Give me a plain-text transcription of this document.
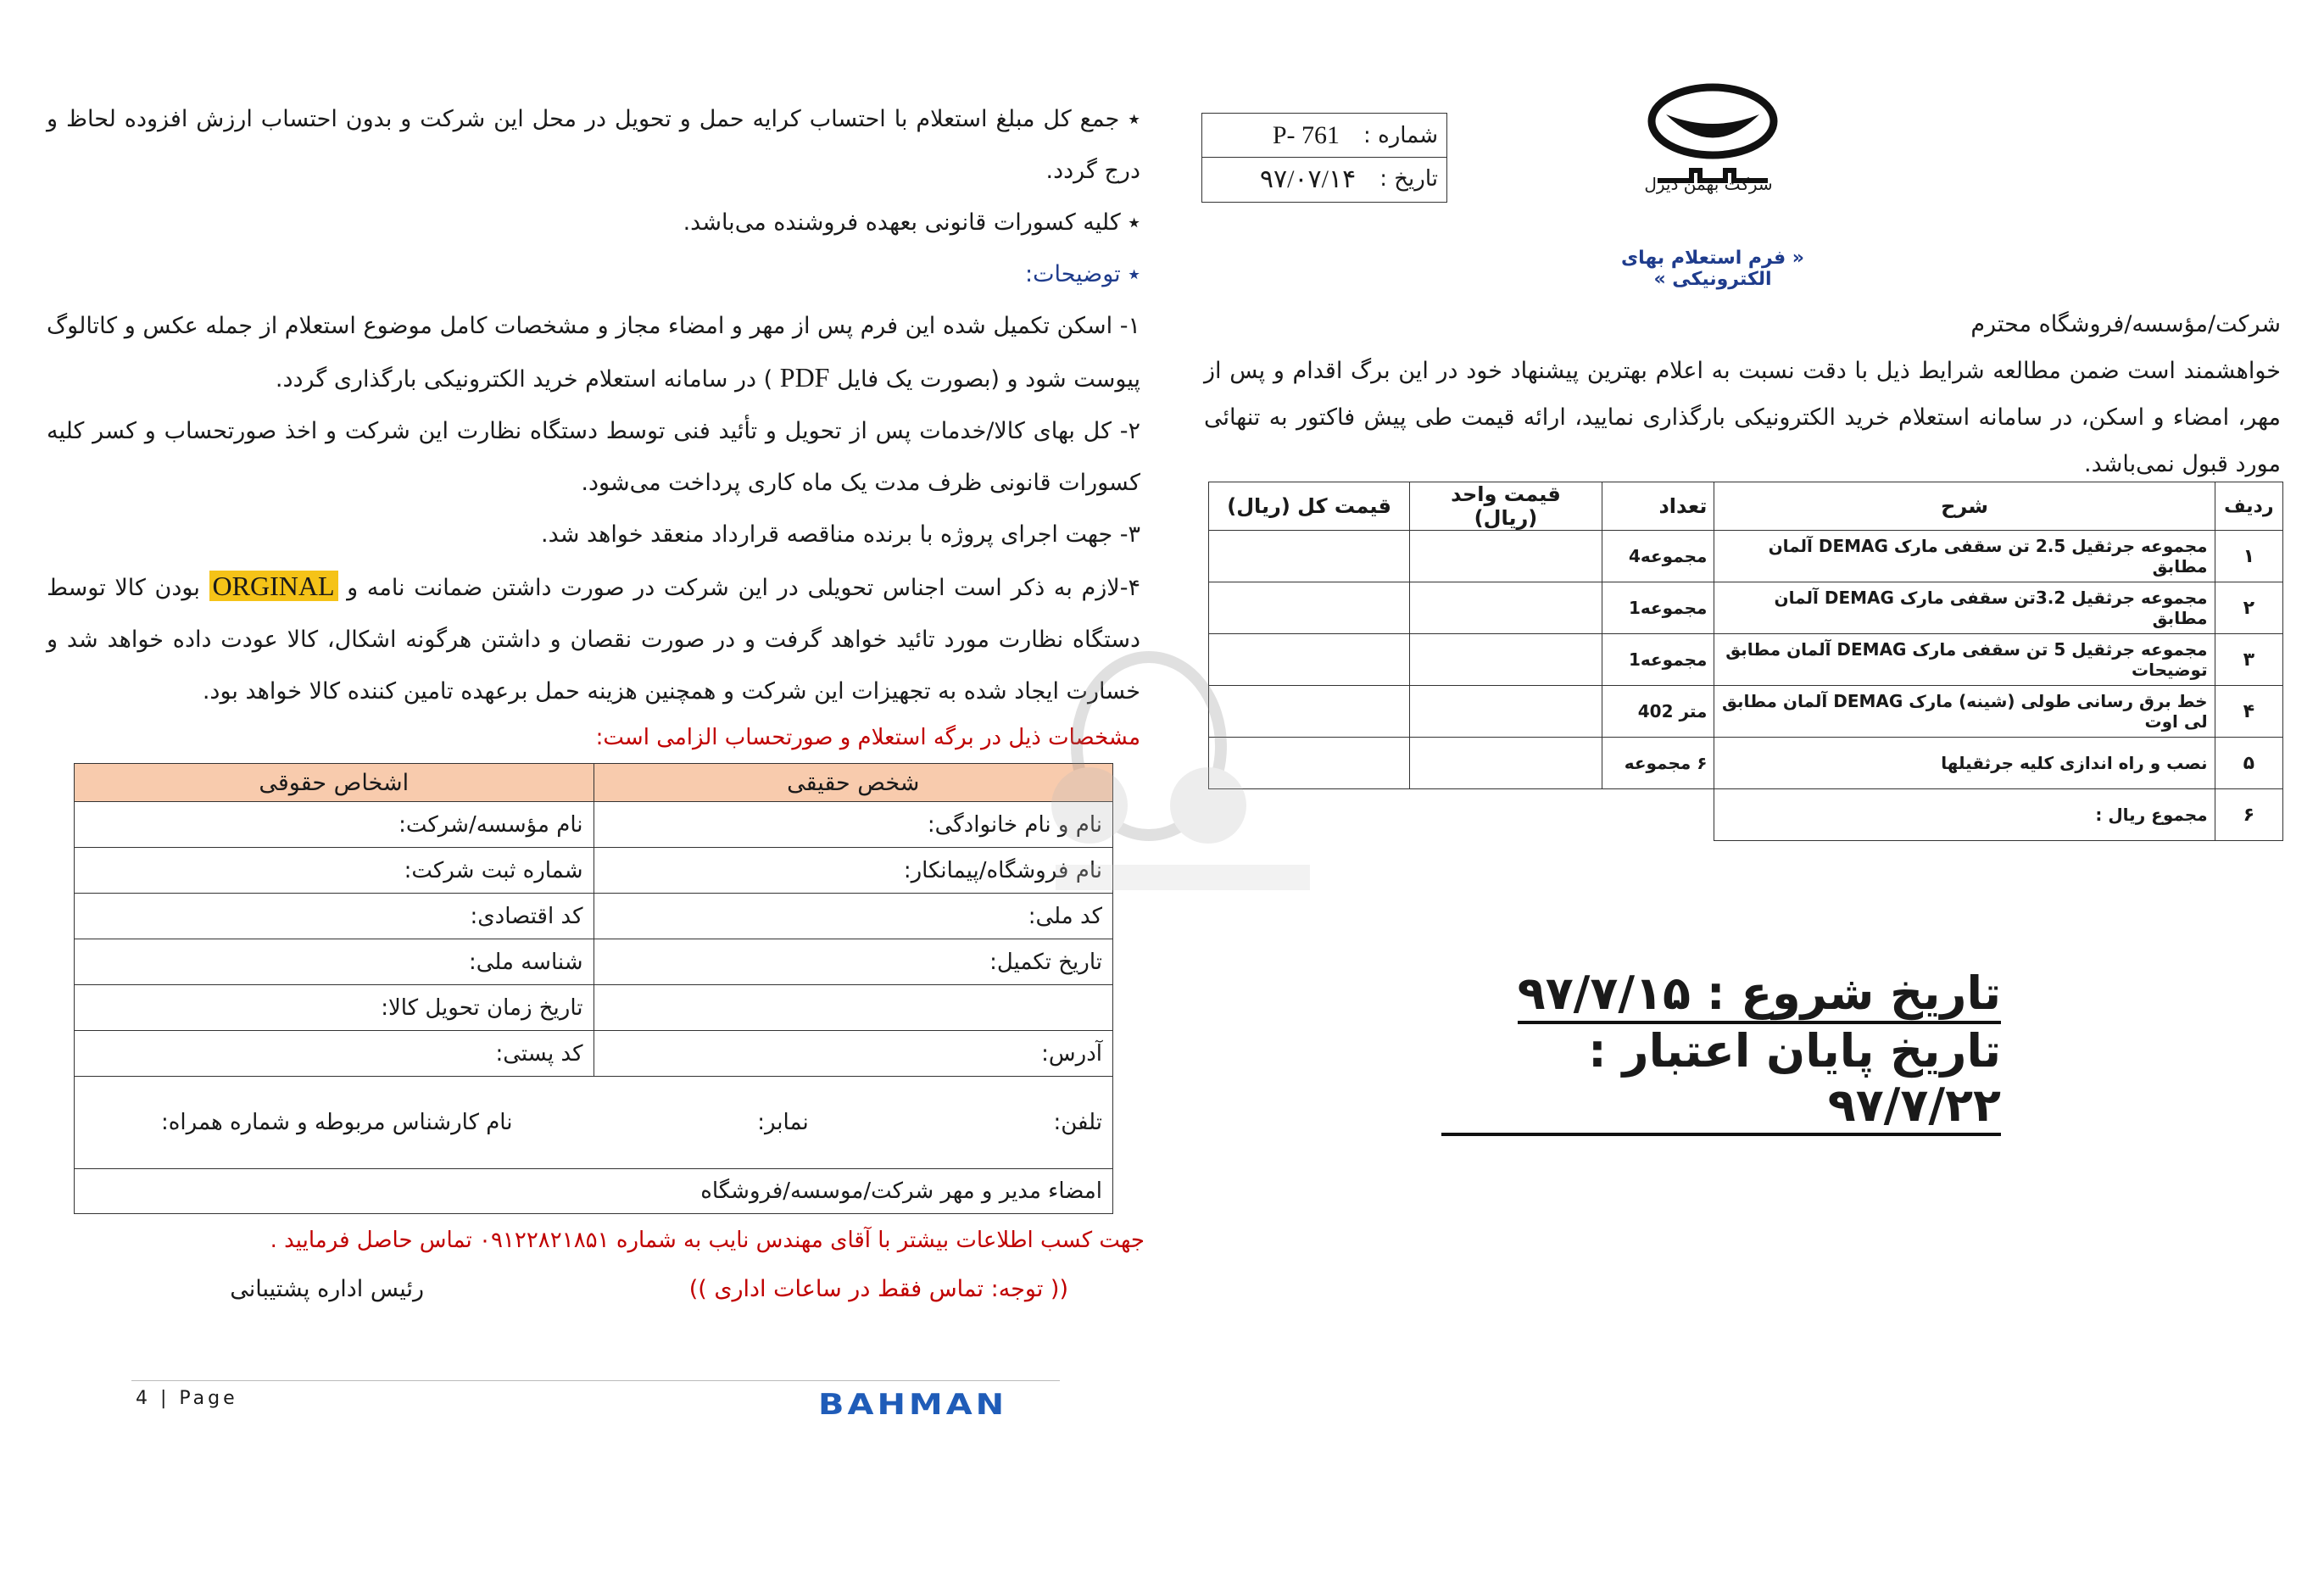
شرکت بهمن دیزل
شماره :
P- 761
تاریخ :
۹۷/۰۷/۱۴
« فرم استعلام بهای الکترونیکی »
شرکت/مؤسسه/فروشگاه محترم
خواهشمند است ضمن مطالعه شرایط ذیل با دقت نسبت به اعلام بهترین پیشنهاد خود در این برگ اقدام و پس از مهر، امضاء و اسکن، در سامانه استعلام خرید الکترونیکی بارگذاری نمایید، ارائه قیمت طی پیش فاکتور به تنهائی مورد قبول نمی‌باشد.
ردیف	شرح	تعداد	قیمت واحد (ریال)	قیمت کل (ریال)
۱	مجموعه جرثقیل 2.5 تن سقفی مارک DEMAG آلمان مطابق	مجموعه4		
۲	مجموعه جرثقیل 3.2تن سقفی مارک DEMAG آلمان مطابق	مجموعه1		
۳	مجموعه جرثقیل 5 تن سقفی مارک DEMAG آلمان مطابق توضیحات	مجموعه1		
۴	خط برق رسانی طولی (شینه) مارک DEMAG آلمان مطابق لی اوت	متر 402		
۵	نصب و راه اندازی کلیه جرثقیلها	۶ مجموعه		
۶	مجموع ریال :			
تاریخ شروع : ۹۷/۷/۱۵
تاریخ پایان اعتبار : ۹۷/۷/۲۲

٭ جمع کل مبلغ استعلام با احتساب کرایه حمل و تحویل در محل این شرکت و بدون احتساب ارزش افزوده لحاظ و درج گردد.

٭ کلیه کسورات قانونی بعهده فروشنده می‌باشد.

٭ توضیحات:

۱- اسکن تکمیل شده این فرم پس از مهر و امضاء مجاز و مشخصات کامل موضوع استعلام از جمله عکس و کاتالوگ پیوست شود و (بصورت یک فایل PDF ) در سامانه استعلام خرید الکترونیکی بارگذاری گردد.

۲- کل بهای کالا/خدمات پس از تحویل و تأئید فنی توسط دستگاه نظارت این شرکت و اخذ صورتحساب و کسر کلیه کسورات قانونی ظرف مدت یک ماه کاری پرداخت می‌شود.

۳- جهت اجرای پروژه با برنده مناقصه قرارداد منعقد خواهد شد.

۴-لازم به ذکر است اجناس تحویلی در این شرکت در صورت داشتن ضمانت نامه و ORGINAL بودن کالا توسط دستگاه نظارت مورد تائید خواهد گرفت و در صورت نقصان و داشتن هرگونه اشکال، کالا عودت داده خواهد شد و خسارت ایجاد شده به تجهیزات این شرکت و همچنین هزینه حمل برعهده تامین کننده کالا خواهد بود.

مشخصات ذیل در برگه استعلام و صورتحساب الزامی است:

شخص حقیقی	اشخاص حقوقی
نام و نام خانوادگی:	نام مؤسسه/شرکت:
نام فروشگاه/پیمانکار:	شماره ثبت شرکت:
کد ملی:	کد اقتصادی:
تاریخ تکمیل:	شناسه ملی:
	تاریخ زمان تحویل کالا:
آدرس:	کد پستی:

تلفن:
نمابر:
نام کارشناس مربوطه و شماره همراه:	

امضاء مدیر و مهر شرکت/موسسه/فروشگاه	
جهت کسب اطلاعات بیشتر با آقای مهندس نایب به شماره ۰۹۱۲۲۸۲۱۸۵۱ تماس حاصل فرمایید .
(( توجه: تماس فقط در ساعات اداری ))
رئیس اداره پشتیبانی
4 | Page	BAHMAN
